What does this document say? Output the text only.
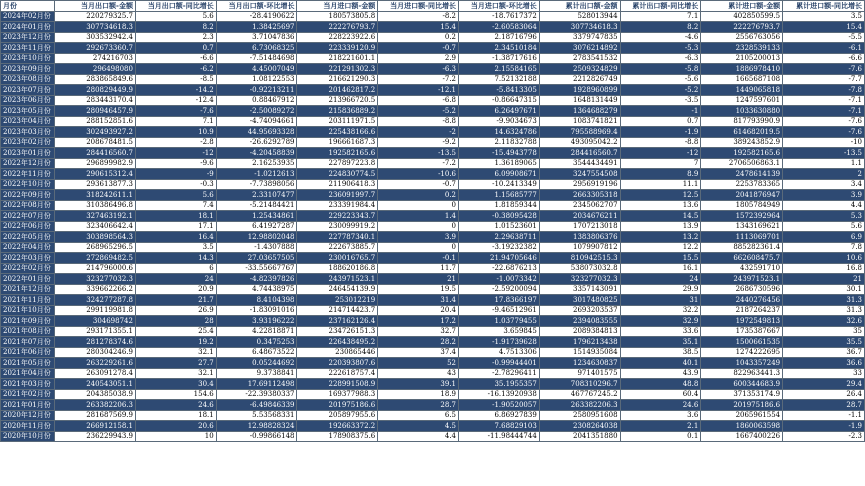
月份	当月出口额-金额	当月出口额-同比增长	当月出口额-环比增长	当月进口额-金额	当月进口额-同比增长	当月进口额-环比增长	累计出口额-金额	累计出口额-同比增长	累计进口额-金额	累计进口额-同比增长
2024年02月份	220279325.7	5.6	-28.4190622	180573805.8	-8.2	-18.7617372	528013944	7.1	402850599.5	3.5
2024年01月份	307734618.3	8.2	1.38425697	222276793.7	15.4	-2.60583064	307734618.3	8.2	222276793.7	15.4
2023年12月份	303532942.4	2.3	3.71047836	228223922.6	0.2	2.18716796	3379747835	-4.6	2556763056	-5.5
2023年11月份	292673360.7	0.7	6.73068325	223339120.9	-0.7	2.34510184	3076214892	-5.3	2328539133	-6.1
2023年10月份	274216703	-6.6	-7.51484698	218221601.1	2.9	-1.38717616	2783541532	-6.3	2105200013	-6.6
2023年09月份	296498080	-6.2	4.45007049	221291302.3	-6.3	2.15584165	2509324829	-5.8	1886978410	-7.6
2023年08月份	283865849.6	-8.5	1.08122553	216621290.3	-7.2	7.52132188	2212826749	-5.6	1665687108	-7.7
2023年07月份	280829449.9	-14.2	-0.92213211	201462817.2	-12.1	-5.8413305	1928960899	-5.2	1449065818	-7.8
2023年06月份	283443170.4	-12.4	0.88467912	213966720.5	-6.8	-0.86647315	1648131449	-3.5	1247597601	-7.1
2023年05月份	280946457.9	-7.6	-2.50089272	215836889.2	-5.2	6.26497671	1364688279	-1	1033630880	-7.1
2023年04月份	288152851.6	7.1	-4.74094661	203111971.5	-8.8	-9.9034673	1083741821	0.7	817793990.9	-7.6
2023年03月份	302493927.2	10.9	44.95693328	225438166.6	-2	14.6324786	795588969.4	-1.9	614682019.5	-7.6
2023年02月份	208678481.5	-2.8	-26.6292789	196661687.3	-9.2	2.11832788	493095042.2	-8.8	389243852.9	-10
2023年01月份	284416560.7	-12	-4.20458839	192582165.6	-13.5	-15.4943778	284416560.7	-12	192582165.6	-13.5
2022年12月份	296899982.9	-9.6	2.16253935	227897223.8	-7.2	1.36189065	3544434491	7	2706506863.1	1.1
2022年11月份	290615312.4	-9	-1.0212613	224830774.5	-10.6	6.09908671	3247554508	8.9	2478614139	2
2022年10月份	293613877.3	-0.3	-7.73898056	211906418.3	-0.7	-10.2413349	2956919196	11.1	2253783365	3.4
2022年09月份	318242611.1	5.6	2.33107477	236091997.7	0.2	1.15685777	2663305318	12.5	2041876947	3.9
2022年08月份	310386496.8	7.4	-5.21484421	233391984.4	0	1.81859344	2345062707	13.6	1805784949	4.4
2022年07月份	327463192.1	18.1	1.25434861	229223343.7	1.4	-0.38095428	2034676211	14.5	1572392964	5.3
2022年06月份	323406642.4	17.1	6.41927287	230099919.2	0	1.01523601	1707213018	13.9	1343169621	5.6
2022年05月份	303898564.3	16.4	12.98802048	227787340.1	3.9	2.29638711	1383806376	13.2	1113069701	6.9
2022年04月份	268965296.5	3.5	-1.4307888	222673885.7	0	-3.19232382	1079907812	12.2	885282361.4	7.8
2022年03月份	272869482.5	14.3	27.03657505	230016765.7	-0.1	21.94705646	810942515.3	15.5	662608475.7	10.6
2022年02月份	214796000.6	6	-33.55667767	188620186.8	11.7	-22.6876213	538073032.8	16.1	432591710	16.8
2022年01月份	323277032.3	24	-4.82397826	243971523.1	21	-1.0073342	323277032.3	24	243971523.1	21
2021年12月份	339662266.2	20.9	4.74438975	246454139.9	19.5	-2.59200094	3357143091	29.9	2686730596	30.1
2021年11月份	324277287.8	21.7	8.4104398	253012219	31.4	17.8366197	3017480825	31	2440276456	31.3
2021年10月份	299119981.8	26.9	-1.83091016	214714423.7	20.4	-9.46512961	2693203537	32.2	2187264237	31.3
2021年09月份	304698742	28	3.93196222	237162126.4	17.2	1.03779455	2394083555	32.9	1972549813	32.6
2021年08月份	293171355.1	25.4	4.22818871	234726151.3	32.7	3.659845	2089384813	33.6	1735387667	35
2021年07月份	281278374.6	19.2	0.3475253	226438495.2	28.2	-1.91739628	1796213438	35.1	1500661535	35.5
2021年06月份	280304246.9	32.1	6.48673522	230865446	37.4	4.7513306	1514935084	38.5	1274222695	36.7
2021年05月份	263229261.6	27.7	0.05244692	220393807.6	52	-0.99944401	1234630837	40.1	1043357249	36.6
2021年04月份	263091278.4	32.1	9.3738841	222618757.4	43	-2.78296411	971401575	43.9	822963441.3	33
2021年03月份	240543051.1	30.4	17.69112498	228991508.9	39.1	35.1955357	708310296.7	48.8	600344683.9	29.4
2021年02月份	204385038.9	154.6	-22.39380337	169377988.3	18.9	-16.13920938	467767245.2	60.4	371353174.9	26.4
2021年01月份	263382206.3	24.6	-6.49846339	201975186.6	28.7	-1.90520057	263382206.3	24.6	201975186.6	28.7
2020年12月份	281687569.9	18.1	5.53568331	205897955.6	6.5	6.86927839	2580951608	3.6	2065961554	-1.1
2020年11月份	266912158.1	20.6	12.98828324	192663372.2	4.5	7.68829103	2308264038	2.1	1860063598	-1.9
2020年10月份	236229943.9	10	-0.99866148	178908375.6	4.4	-11.98444744	2041351880	0.1	1667400226	-2.3
